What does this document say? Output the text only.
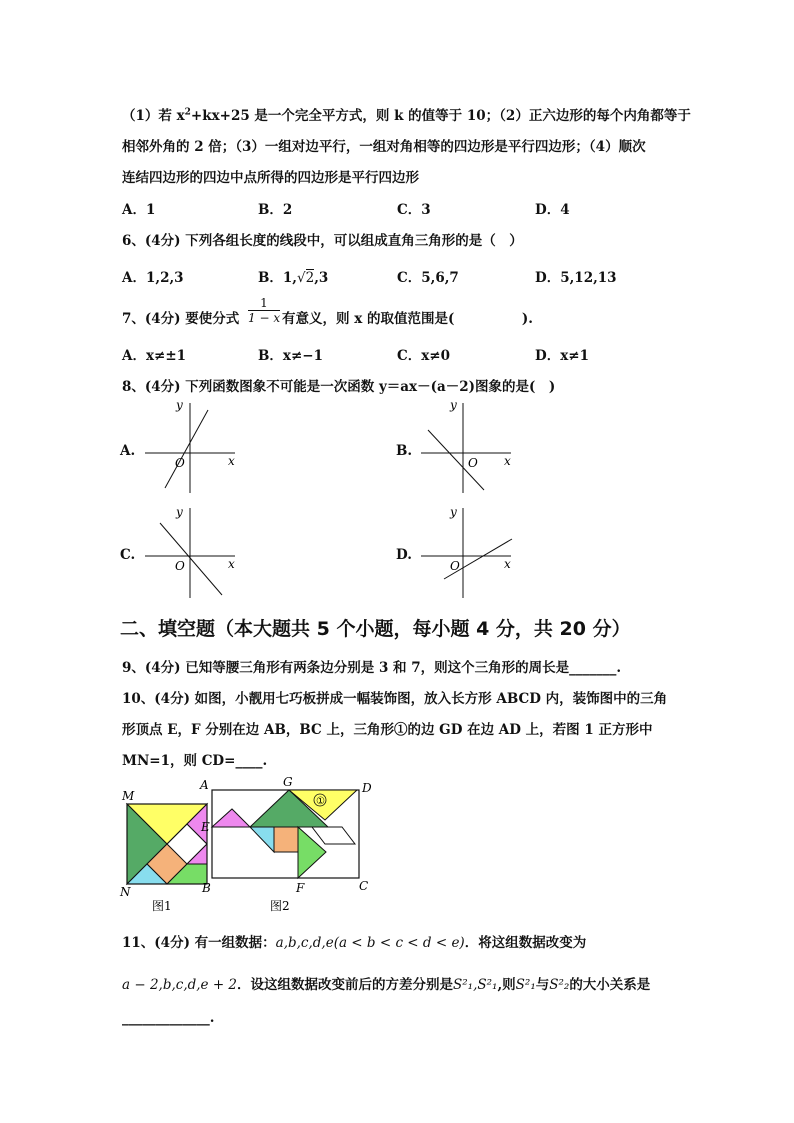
（1）若 $x^2+kx+25$ 是一个完全平方式，则 k 的值等于 10；（2）正六边形的每个内角都等于
相邻外角的 2 倍；（3）一组对边平行，一组对角相等的四边形是平行四边形；（4）顺次
连结四边形的四边中点所得的四边形是平行四边形
A．1	B．2	C．3	D．4
6、(4分) 下列各组长度的线段中，可以组成直角三角形的是（　）
A．1,2,3	B．1,√2,3	C．5,6,7	D．5,12,13
7、(4分) 要使分式 $\frac{1}{1 - x}$ 有意义，则 x 的取值范围是(　　　　　).
A．x≠±1	B．x≠−1	C．x≠0	D．x≠1
8、(4分) 下列函数图象不可能是一次函数 y＝ax－(a－2)图象的是(　)
A.
y
x
O
B.
y
x
O
C.
y
x
O
D.
y
x
O
二、填空题（本大题共 5 个小题，每小题 4 分，共 20 分）
9、(4分) 已知等腰三角形有两条边分别是 3 和 7，则这个三角形的周长是_______.
10、(4分) 如图，小靓用七巧板拼成一幅装饰图，放入长方形 ABCD 内，装饰图中的三角
形顶点 E，F 分别在边 AB，BC 上，三角形①的边 GD 在边 AD 上，若图 1 正方形中
MN=1，则 CD=____.
M
N
A
B
图1
①
G	D
E
F	C
图2
11、(4分) 有一组数据：a,b,c,d,e(a < b < c < d < e)．将这组数据改变为
a − 2,b,c,d,e + 2．设这组数据改变前后的方差分别是S²₁,S²₁,则S²₁与S²₂的大小关系是
_____________.
